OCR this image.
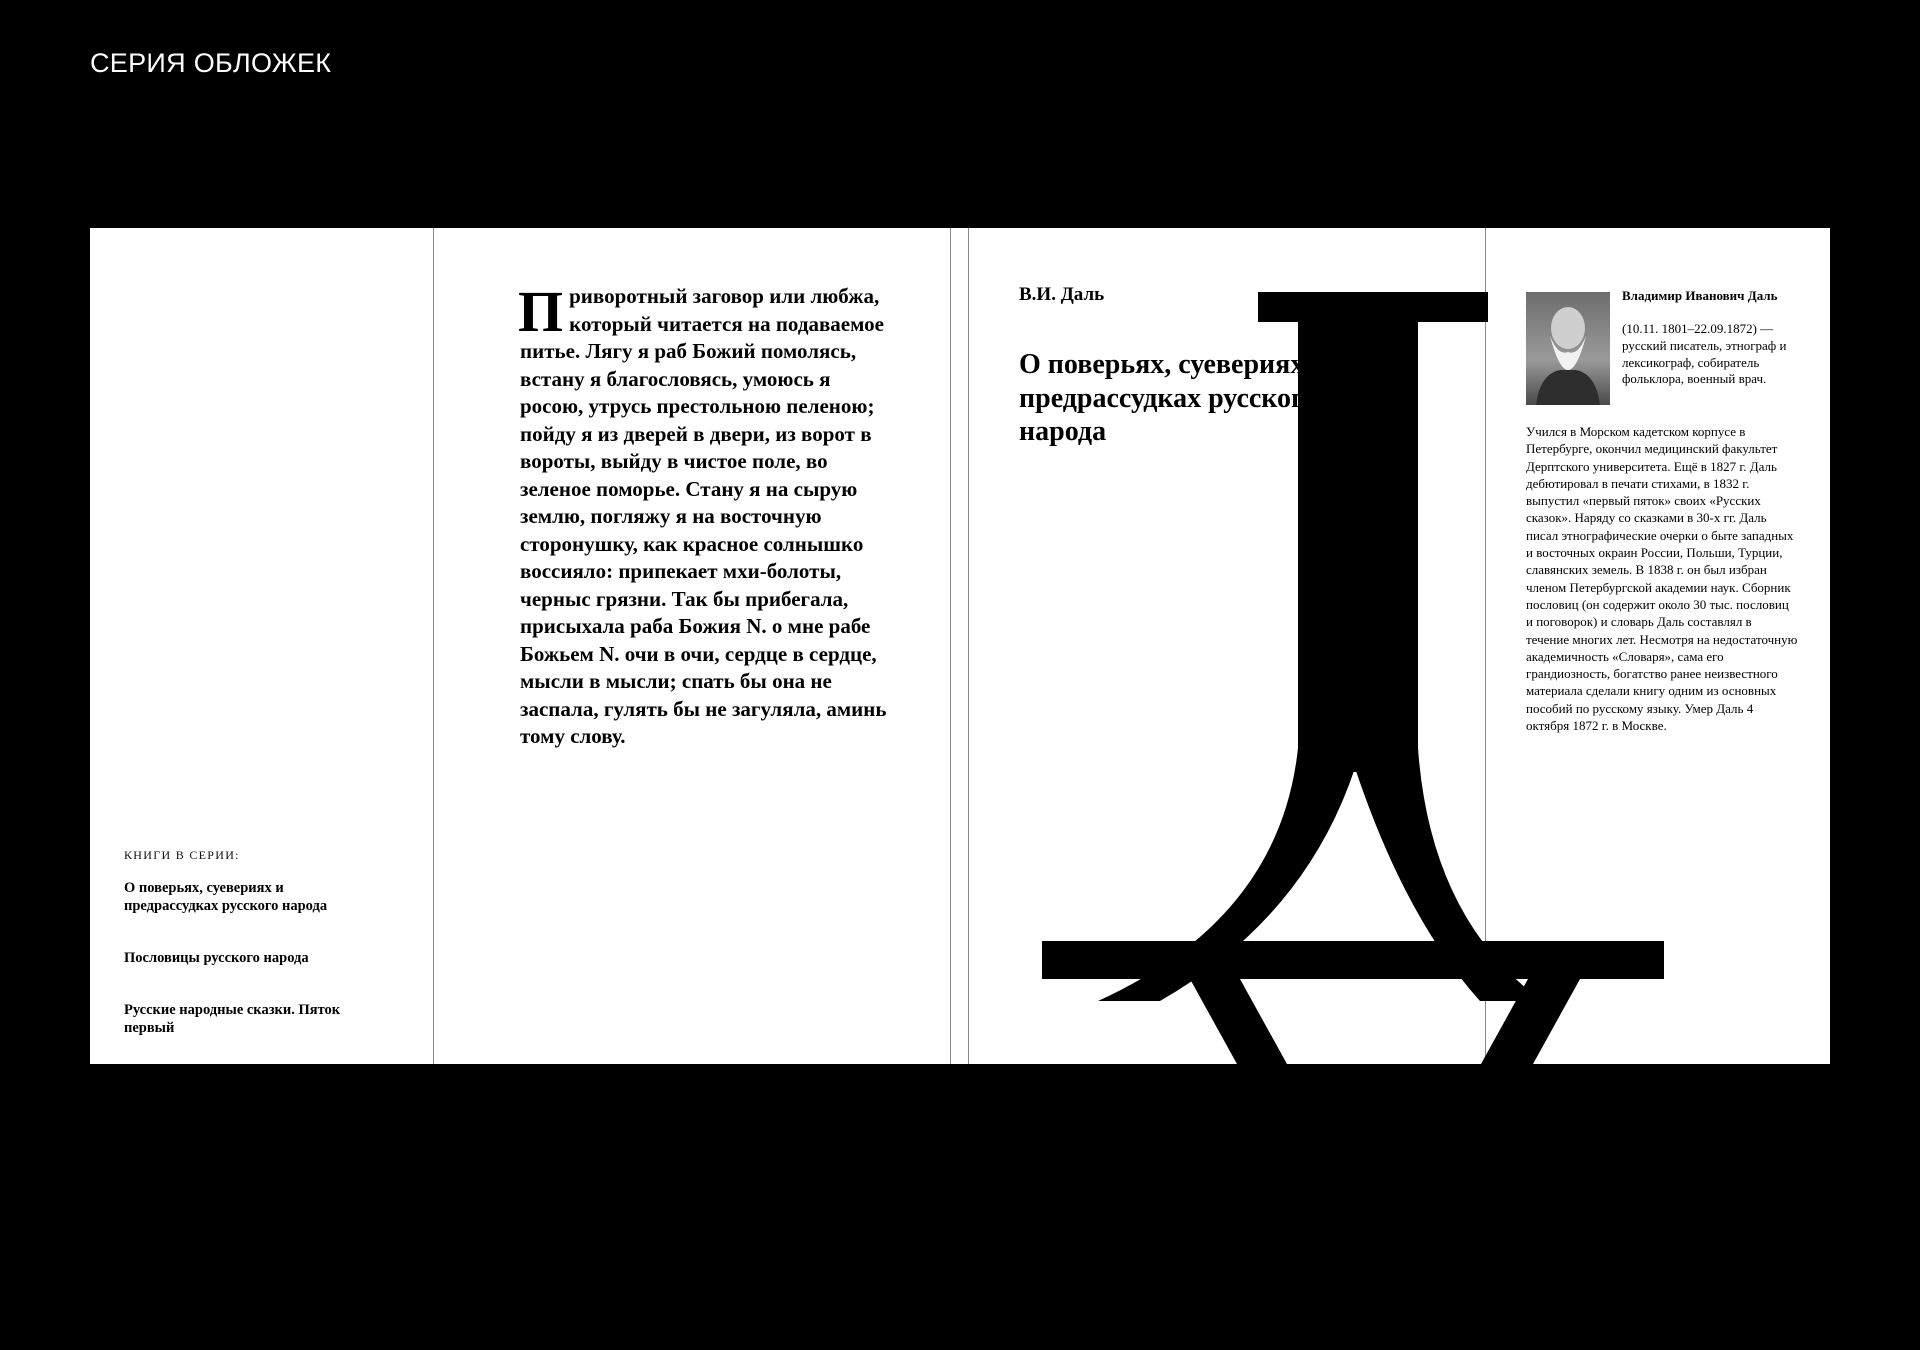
СЕРИЯ ОБЛОЖЕК
КНИГИ В СЕРИИ:
О поверьях, суевериях и предрассудках русского народа
Пословицы русского народа
Русские народные сказки. Пяток первый

Приворотный заговор или любжа, который читается на подаваемое питье. Лягу я раб Божий помолясь, встану я благословясь, умоюсь я росою, утрусь престольною пеленою; пойду я из дверей в двери, из ворот в вороты, выйду в чистое поле, во зеленое поморье. Стану я на сырую землю, погляжу я на восточную сторонушку, как красное солнышко воссияло: припекает мхи-болоты, черныс грязни. Так бы прибегала, присыхала раба Божия N. о мне рабе Божьем N. очи в очи, сердце в сердце, мысли в мысли; спать бы она не заспала, гулять бы не загуляла, аминь тому слову.

В.И. Даль
О поверьях, суевериях и предрассудках русского народа
Владимир Иванович Даль
(10.11. 1801–22.09.1872) — русский писатель, этнограф и лексикограф, собиратель фольклора, военный врач.
Учился в Морском кадетском корпусе в Петербурге, окончил медицинский факультет Дерптского университета. Ещё в 1827 г. Даль дебютировал в печати стихами, в 1832 г. выпустил «первый пяток» своих «Русских сказок». Наряду со сказками в 30-х гг. Даль писал этнографические очерки о быте западных и восточных окраин России, Польши, Турции, славянских земель. В 1838 г. он был избран членом Петербургской академии наук. Сборник пословиц (он содержит около 30 тыс. пословиц и поговорок) и словарь Даль составлял в течение многих лет. Несмотря на недостаточную академичность «Словаря», сама его грандиозность, богатство ранее неизвестного материала сделали книгу одним из основных пособий по русскому языку. Умер Даль 4 октября 1872 г. в Москве.
